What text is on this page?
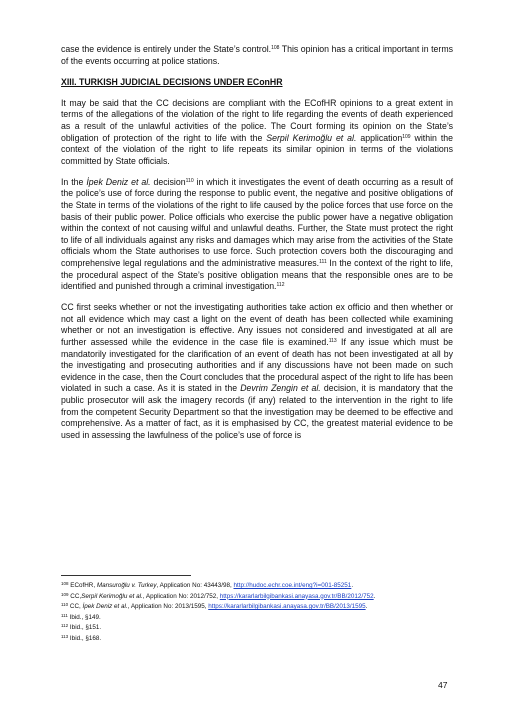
case the evidence is entirely under the State’s control.$^{108}$ This opinion has a critical important in terms of the events occurring at police stations.

XIII. TURKISH JUDICIAL DECISIONS UNDER EConHR

It may be said that the CC decisions are compliant with the ECofHR opinions to a great extent in terms of the allegations of the violation of the right to life regarding the events of death experienced as a result of the unlawful activities of the police. The Court forming its opinion on the State’s obligation of protection of the right to life with the Serpil Kerimoğlu et al. application$^{109}$ within the context of the violation of the right to life repeats its similar opinion in terms of the violations committed by State officials.

In the İpek Deniz et al. decision$^{110}$ in which it investigates the event of death occurring as a result of the police’s use of force during the response to public event, the negative and positive obligations of the State in terms of the violations of the right to life caused by the police forces that use force on the basis of their public power. Police officials who exercise the public power have a negative obligation within the context of not causing wilful and unlawful deaths. Further, the State must protect the right to life of all individuals against any risks and damages which may arise from the activities of the State officials whom the State authorises to use force. Such protection covers both the discouraging and comprehensive legal regulations and the administrative measures.$^{111}$ In the context of the right to life, the procedural aspect of the State’s positive obligation means that the responsible ones are to be identified and punished through a criminal investigation.$^{112}$

CC first seeks whether or not the investigating authorities take action ex officio and then whether or not all evidence which may cast a light on the event of death has been collected while examining whether or not an investigation is effective. Any issues not considered and investigated at all are further assessed while the evidence in the case file is examined.$^{113}$ If any issue which must be mandatorily investigated for the clarification of an event of death has not been investigated at all by the investigating and prosecuting authorities and if any discussions have not been made on such evidence in the case, then the Court concludes that the procedural aspect of the right to life has been violated in such a case. As it is stated in the Devrim Zengin et al. decision, it is mandatory that the public prosecutor will ask the imagery records (if any) related to the intervention in the right to life from the competent Security Department so that the investigation may be deemed to be effective and comprehensive. As a matter of fact, as it is emphasised by CC, the greatest material evidence to be used in assessing the lawfulness of the police’s use of force is

$^{108}$ ECofHR, Mansuroğlu v. Turkey, Application No: 43443/98, http://hudoc.echr.coe.int/eng?i=001-85251.
$^{109}$ CC,Serpil Kerimoğlu et al., Application No: 2012/752, https://kararlarbilgibankasi.anayasa.gov.tr/BB/2012/752.
$^{110}$ CC, İpek Deniz et al., Application No: 2013/1595, https://kararlarbilgibankasi.anayasa.gov.tr/BB/2013/1595.
$^{111}$ Ibid., §149.
$^{112}$ Ibid., §151.
$^{113}$ Ibid., §168.
47
